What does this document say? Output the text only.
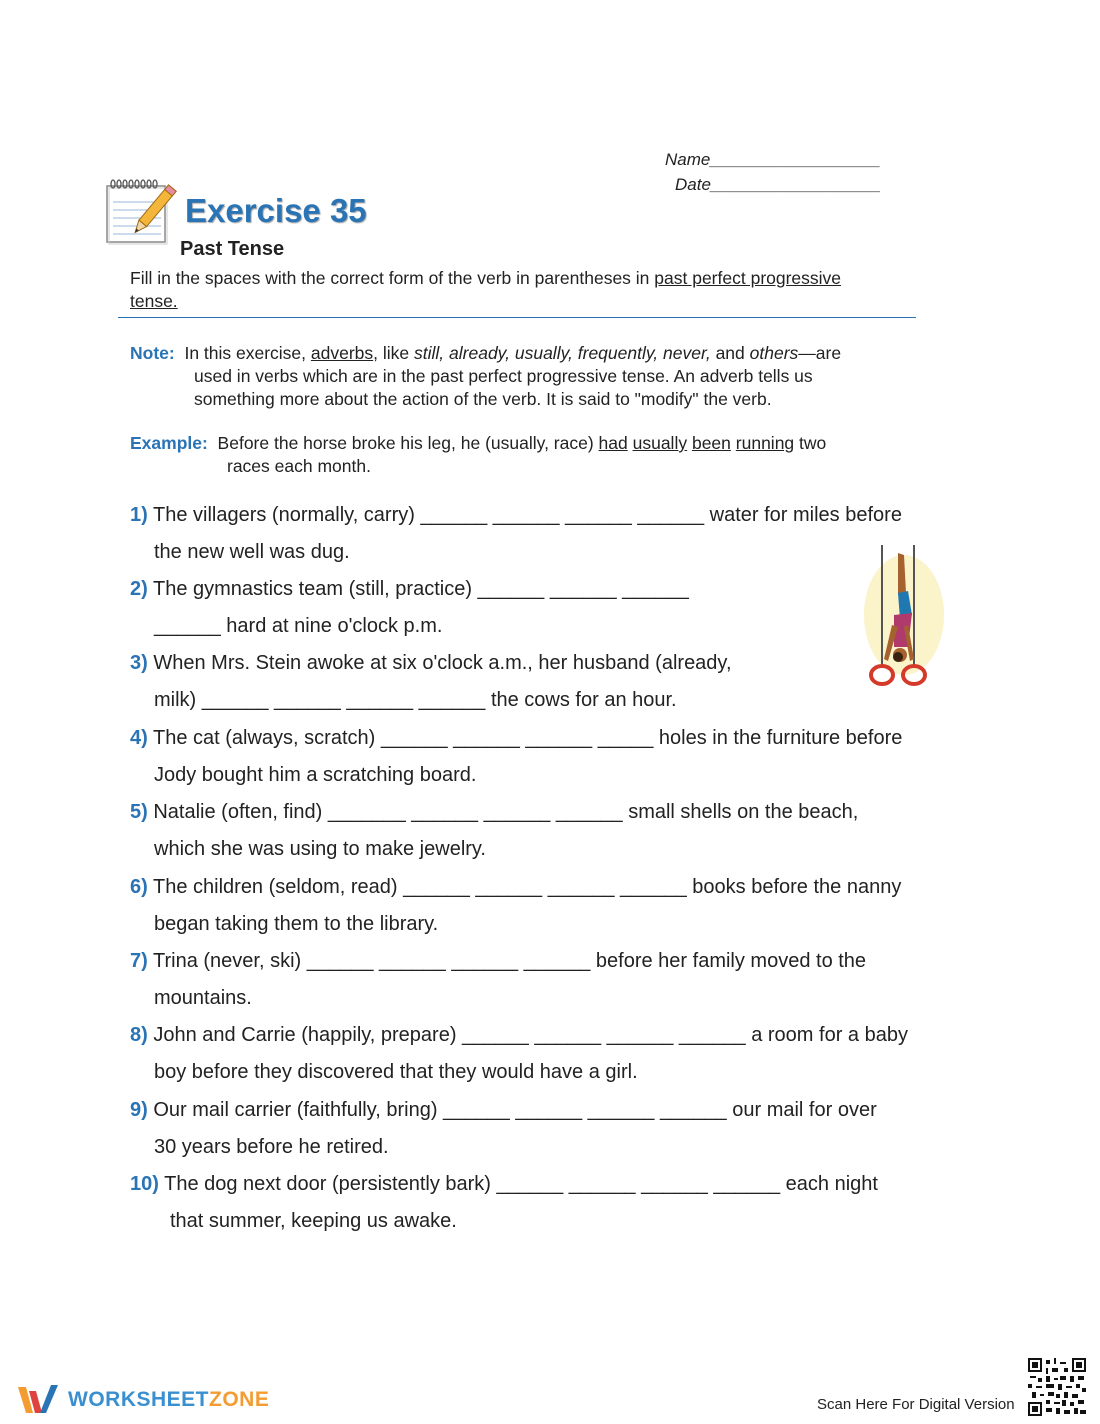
Name__________________
Date__________________
Exercise 35
Past Tense
Fill in the spaces with the correct form of the verb in parentheses in past perfect progressive tense.
Note: In this exercise, adverbs, like still, already, usually, frequently, never, and others—are
used in verbs which are in the past perfect progressive tense. An adverb tells us
something more about the action of the verb. It is said to "modify" the verb.
Example: Before the horse broke his leg, he (usually, race) had usually been running two
races each month.
1) The villagers (normally, carry) ______ ______ ______ ______ water for miles before
the new well was dug.
2) The gymnastics team (still, practice) ______ ______ ______
______ hard at nine o'clock p.m.
3) When Mrs. Stein awoke at six o'clock a.m., her husband (already,
milk) ______ ______ ______ ______ the cows for an hour.
4) The cat (always, scratch) ______ ______ ______ _____ holes in the furniture before
Jody bought him a scratching board.
5) Natalie (often, find) _______ ______ ______ ______ small shells on the beach,
which she was using to make jewelry.
6) The children (seldom, read) ______ ______ ______ ______ books before the nanny
began taking them to the library.
7) Trina (never, ski) ______ ______ ______ ______ before her family moved to the
mountains.
8) John and Carrie (happily, prepare) ______ ______ ______ ______ a room for a baby
boy before they discovered that they would have a girl.
9) Our mail carrier (faithfully, bring) ______ ______ ______ ______ our mail for over
30 years before he retired.
10) The dog next door (persistently bark) ______ ______ ______ ______ each night
that summer, keeping us awake.
WORKSHEETZONE	Scan Here For Digital Version
